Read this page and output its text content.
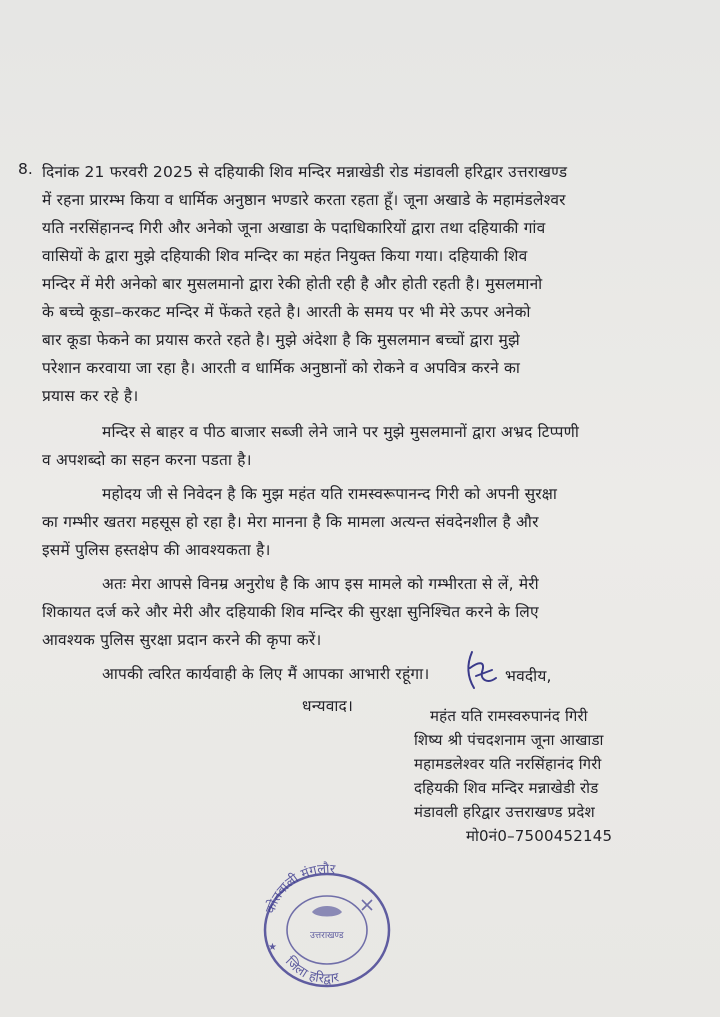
8. दिनांक 21 फरवरी 2025 से दहियाकी शिव मन्दिर मन्नाखेडी रोड मंडावली हरिद्वार उत्तराखण्ड
में रहना प्रारम्भ किया व धार्मिक अनुष्ठान भण्डारे करता रहता हूँ। जूना अखाडे के महामंडलेश्वर
यति नरसिंहानन्द गिरी और अनेको जूना अखाडा के पदाधिकारियों द्वारा तथा दहियाकी गांव
वासियों के द्वारा मुझे दहियाकी शिव मन्दिर का महंत नियुक्त किया गया। दहियाकी शिव
मन्दिर में मेरी अनेको बार मुसलमानो द्वारा रेकी होती रही है और होती रहती है। मुसलमानो
के बच्चे कूडा–करकट मन्दिर में फेंकते रहते है। आरती के समय पर भी मेरे ऊपर अनेको
बार कूडा फेकने का प्रयास करते रहते है। मुझे अंदेशा है कि मुसलमान बच्चों द्वारा मुझे
परेशान करवाया जा रहा है। आरती व धार्मिक अनुष्ठानों को रोकने व अपवित्र करने का
प्रयास कर रहे है।
मन्दिर से बाहर व पीठ बाजार सब्जी लेने जाने पर मुझे मुसलमानों द्वारा अभ्रद टिप्पणी
व अपशब्दो का सहन करना पडता है।
महोदय जी से निवेदन है कि मुझ महंत यति रामस्वरूपानन्द गिरी को अपनी सुरक्षा
का गम्भीर खतरा महसूस हो रहा है। मेरा मानना है कि मामला अत्यन्त संवदेनशील है और
इसमें पुलिस हस्तक्षेप की आवश्यकता है।
अतः मेरा आपसे विनम्र अनुरोध है कि आप इस मामले को गम्भीरता से लें, मेरी
शिकायत दर्ज करे और मेरी और दहियाकी शिव मन्दिर की सुरक्षा सुनिश्चित करने के लिए
आवश्यक पुलिस सुरक्षा प्रदान करने की कृपा करें।
आपकी त्वरित कार्यवाही के लिए मैं आपका आभारी रहूंगा।
धन्यवाद।
भवदीय,
महंत यति रामस्वरुपानंद गिरी
शिष्य श्री पंचदशनाम जूना आखाडा
महामडलेश्वर यति नरसिंहानंद गिरी
दहियकी शिव मन्दिर मन्नाखेडी रोड
मंडावली हरिद्वार उत्तराखण्ड प्रदेश
मो0नं0–7500452145
कोतवाली मंगलौर
जिला हरिद्वार
उत्तराखण्ड
★
